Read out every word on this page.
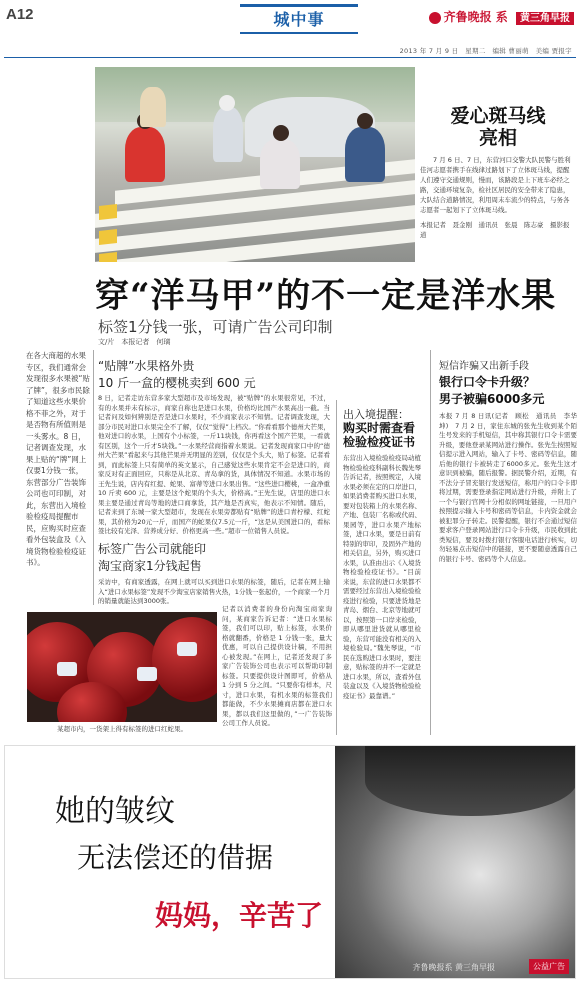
A12	城中事	齐鲁晚报 系 黄三角早报
2013 年 7 月 9 日　星期二　编辑 曹丽萌　美编 贾报宇
爱心斑马线
亮相
7 月 6 日、7 日，东营河口交警大队民警与胜利佳河志愿者携手在线律过路划下了立体斑马线，提醒人们遵守交通规则，慢而，该路段是上下班车必经之路，交通环境复杂，检社区居民的安全带来了隐患，大队结合道路情况，利用周末车流少的特点，与务各志愿者一起划下了立体斑马线。
本报记者　聂金刚　通讯员　张晨　陈志豪　摄影报道
穿“洋马甲”的不一定是洋水果
标签1分钱一张，可请广告公司印制
文/片　本报记者　何璃
在各大商超的水果专区，我们通常会发现很多水果被“贴了牌”，很多市民除了知道这些水果价格不菲之外，对于是否物有所值则是一头雾水。8 日，记者调查发现，水果上贴的“牌”网上仅要1分钱一张，东营部分广告装饰公司也可印制，对此，东营出入境检验检疫局提醒市民，应购买时应查看外包装盒及《入境货物检验检疫证书》。
“贴牌”水果格外贵
10 斤一盒的樱桃卖到 600 元
8 日，记者走访东营多家大型超市及市场发现，被“贴牌”的水果很常见，不过，有的水果并未有标示，商家自称也是进口水果，价格均比国产水果高出一截。当记者问及如何辨别是否是进口水果时，不少商家表示不知情。记者调查发现，大部分市民对进口水果完全不了解，仅仅“觉得”上档次。“你看看那个德州大芒果，他对进口的水果，上国有个小标签，一斤11块钱，你再看这个国产芒果，一看就有区别，这个一斤才5块钱。”一水果经营商指着水果说。记者发现商家口中的“德州大芒果”看起来与其他芒果并无明显的差别，仅仅是个头大，贴了标签。记者看到，而此标签上只有简单的英文显示，自己感觉这些水果肯定不会是进口的，商家反对有正面回应，只称是从北京、青岛拿的货，具体情况不知道。水果市场的王先生说，店内有红提、蛇果、富蒂等进口水果出售。“这些进口樱桃，一盒净重 10 斤卖 600 元，主要是这个蛇果的个头大，价格高。”王先生说，店里的进口水果主要是通过青岛等地的进口商拿货，其产地是否真实，他表示不知情。随后，记者来到了东城一家大型超市，发现在水果旁都贴有“贴牌”的进口青柠檬、红蛇果，其价格为20元一斤，而国产的蛇果仅7.5元一斤，“这是从美国进口的，看标签比较有光泽，营养成分好，价格更高一些。”超市一位销售人员说。
标签广告公司就能印
淘宝商家1分钱起售
采访中，有商家透露，在网上就可以买到进口水果的标签，随后，记者在网上输入“进口水果标签”发现不少淘宝店家销售火热，1分钱一张起价，一个商家一个月的销量就能达到3000张。
某超市内，一货架上得有标签的进口红蛇果。
记者以消费者的身份向淘宝商家询问，某商家告诉记者：“进口水果标签，我们可以印，贴上标签，水果价格就翻番，价格是 1 分钱一张，量大优惠，可以自己提供设计稿，不用担心被发现。”在网上，记者还发现了多家广告装饰公司也表示可以帮助印制标签。只要提供设计图即可，价格从 1 分到 5 分之间。“只要你有样本，尺寸，进口水果，有机水果的标签我们都能做，不少水果摊商店都在进口水果，都以我们这里做的，”一广告装饰公司工作人员说。
出入境提醒：
购买时需查看
检验检疫证书
东营出入境检验检疫局动植物检验检疫科副科长魏先琴告诉记者，按照规定，入境水果必须在定的口岸进口，如果消费者购买进口水果，要对包装箱上的水果名称、产地、包装厂名称或代码、果园等，进口水果产地标签，进口水果，要是日前有特别的审印，及固外产地的相关信息，另外，购买进口水果，认准由出示《入境货物检验检疫证书》。“目前来说，东营的进口水果都不需要经过东营出入境检验检疫进行检验，只要进货地是青岛、烟台、北京等地就可以，按照第一口岸来检验，即从哪里进货就从哪里检验，东营可能没有相关的入境检验局。”魏先琴说，“市民在选购进口水果时，要注意，贴标签的并不一定就是进口水果，所以，查看外包装盒以及《入境货物检验检疫证书》最靠谱。”
短信诈骗又出新手段
银行口令卡升级？
男子被骗6000多元
本报 7 月 8 日讯(记者　顾松　通讯员　李华坤)　7 月 2 日，家住东城的张先生收到某个陌生号发来的手机短信，其中称其银行口令卡需要升级，要他登录某网站进行操作。张先生按照短信提示进入网站，输入了卡号、密码等信息，随后他的银行卡被转走了6000多元。张先生这才意识到被骗，随后报警。据民警介绍，近期，有不法分子冒充银行发送短信，称用户的口令卡即将过期，需要登录指定网站进行升级，并附上了一个与银行官网十分相似的网址链接，一旦用户按照提示输入卡号和密码等信息，卡内资金就会被犯罪分子转走。民警提醒，银行不会通过短信要求客户登录网站进行口令卡升级，市民收到此类短信，要及时拨打银行客服电话进行核实，切勿轻易点击短信中的链接，更不要随意透露自己的银行卡号、密码等个人信息。
她的皱纹
无法偿还的借据
妈妈，辛苦了
齐鲁晚报系 黄三角早报	公益广告
